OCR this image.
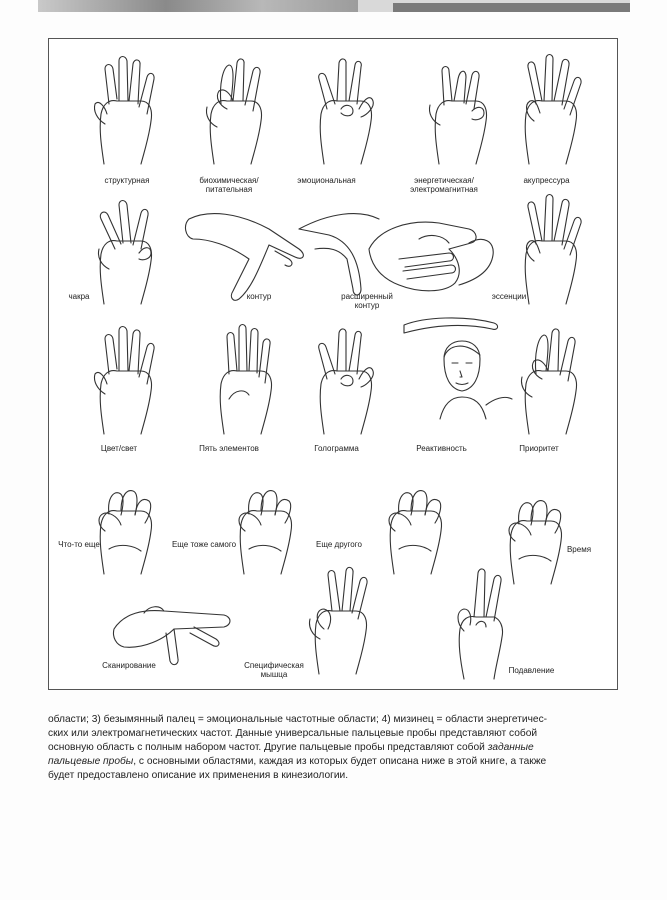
структурная	биохимическая/
питательная
эмоциональная	энергетическая/
электромагнитная
акупрессура
чакра	контур	расширенный
контур
эссенции
Цвет/свет	Пять элементов	Голограмма	Реактивность	Приоритет
Что-то еще	Еще тоже самого	Еще другого
Время
Сканирование	Специфическая
мышца	Подавление

области; 3) безымянный палец = эмоциональные частотные области; 4) мизинец = области энергетичес-
ских или электромагнетических частот. Данные универсальные пальцевые пробы представляют собой
основную область с полным набором частот. Другие пальцевые пробы представляют собой заданные
пальцевые пробы, с основными областями, каждая из которых будет описана ниже в этой книге, а также
будет предоставлено описание их применения в кинезиологии.
